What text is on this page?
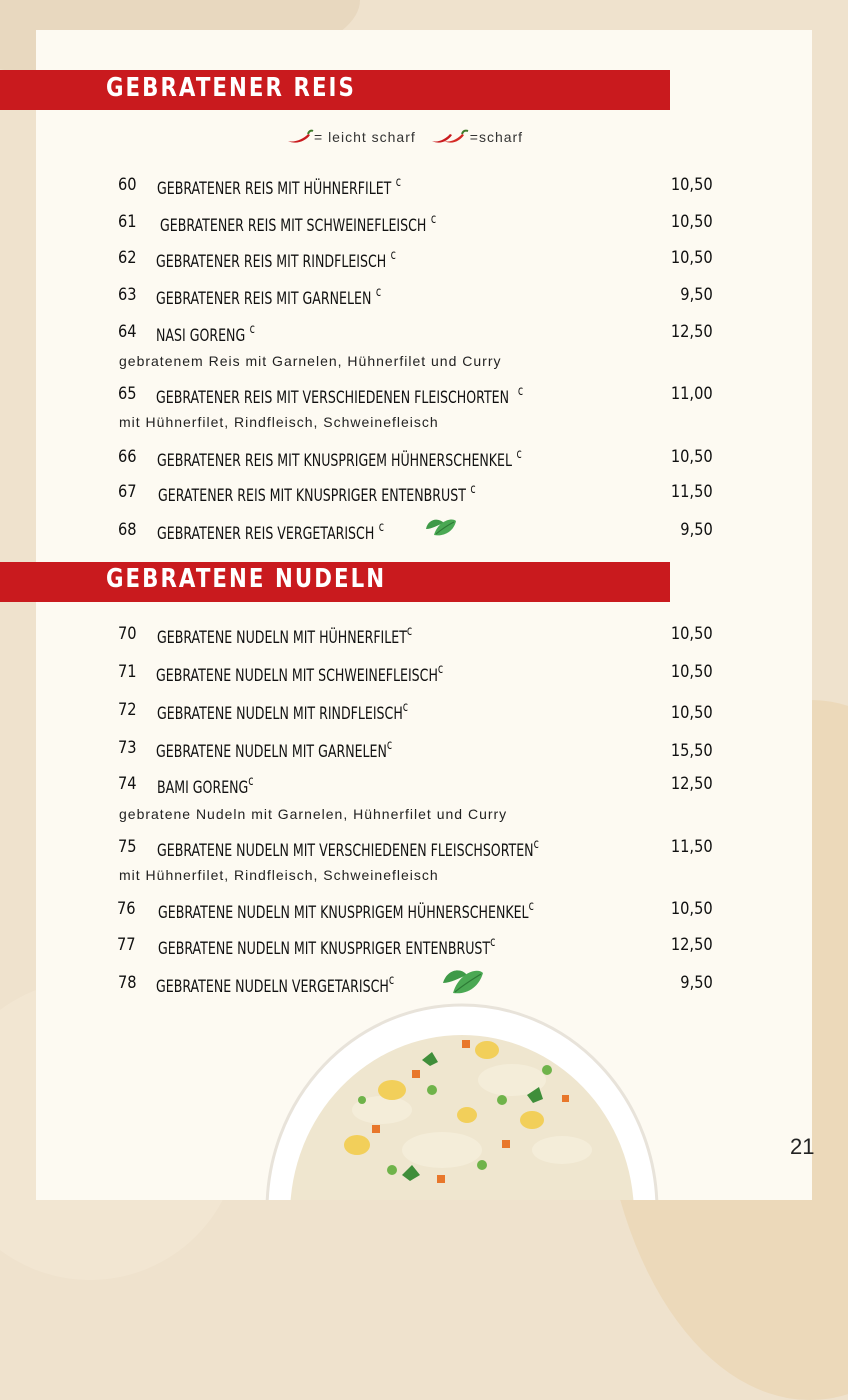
GEBRATENER REIS
= leicht scharf	=scharf
60 GEBRATENER REIS MIT HÜHNERFILET $^c$	10,50
61 GEBRATENER REIS MIT SCHWEINEFLEISCH $^c$	10,50
62 GEBRATENER REIS MIT RINDFLEISCH $^c$	10,50
63 GEBRATENER REIS MIT GARNELEN $^c$	9,50
64 NASI GORENG $^c$	12,50
gebratenem Reis mit Garnelen, Hühnerfilet und Curry
65 GEBRATENER REIS MIT VERSCHIEDENEN FLEISCHORTEN $^c$	11,00
mit Hühnerfilet, Rindfleisch, Schweinefleisch
66 GEBRATENER REIS MIT KNUSPRIGEM HÜHNERSCHENKEL $^c$	10,50
67 GERATENER REIS MIT KNUSPRIGER ENTENBRUST $^c$	11,50
68 GEBRATENER REIS VERGETARISCH $^c$	9,50
GEBRATENE NUDELN
70 GEBRATENE NUDELN MIT HÜHNERFILET$^c$	10,50
71 GEBRATENE NUDELN MIT SCHWEINEFLEISCH$^c$	10,50
72 GEBRATENE NUDELN MIT RINDFLEISCH$^c$	10,50
73 GEBRATENE NUDELN MIT GARNELEN$^c$	15,50
74 BAMI GORENG$^c$	12,50
gebratene Nudeln mit Garnelen, Hühnerfilet und Curry
75 GEBRATENE NUDELN MIT VERSCHIEDENEN FLEISCHSORTEN$^c$	11,50
mit Hühnerfilet, Rindfleisch, Schweinefleisch
76 GEBRATENE NUDELN MIT KNUSPRIGEM HÜHNERSCHENKEL$^c$	10,50
77 GEBRATENE NUDELN MIT KNUSPRIGER ENTENBRUST$^c$	12,50
78 GEBRATENE NUDELN VERGETARISCH$^c$	9,50
21
